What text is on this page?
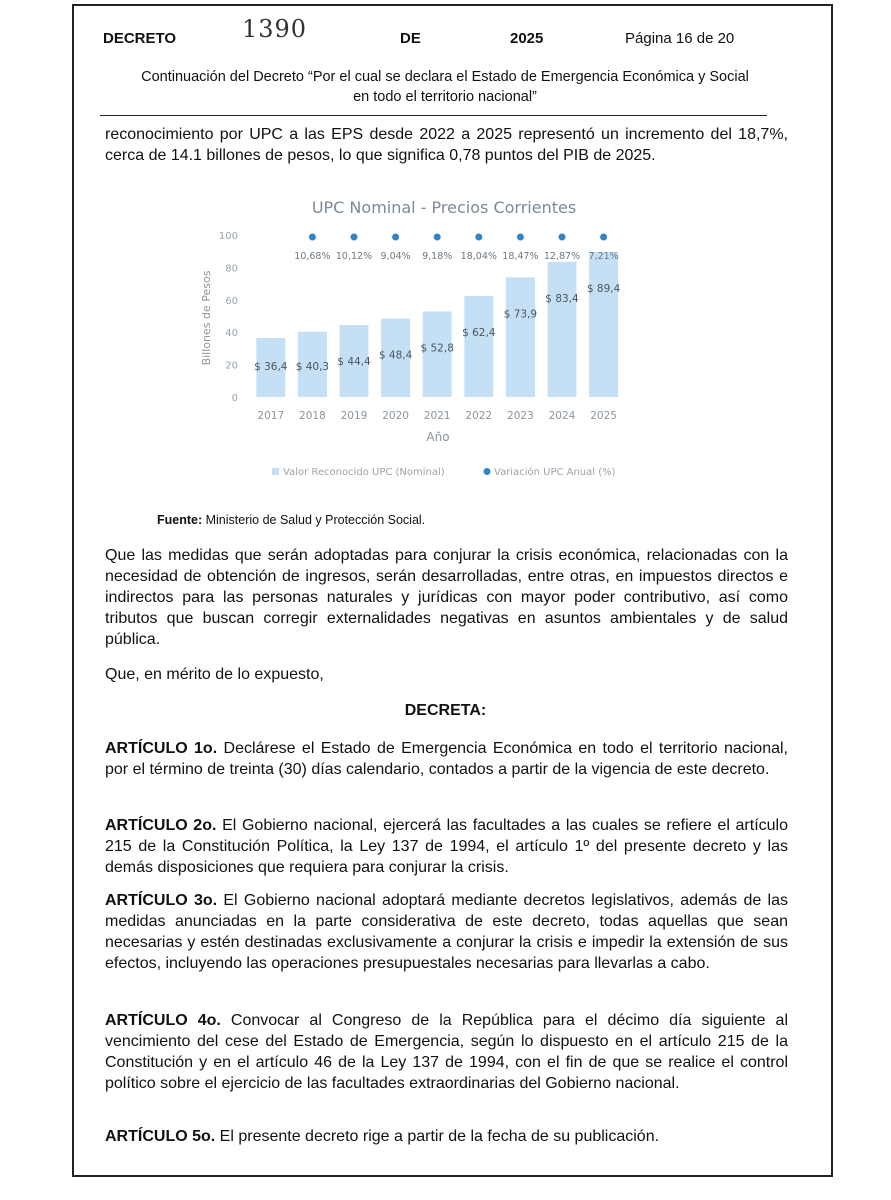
DECRETO	1390	DE	2025	Página 16 de 20
Continuación del Decreto “Por el cual se declara el Estado de Emergencia Económica y Social
en todo el territorio nacional”
reconocimiento por UPC a las EPS desde 2022 a 2025 representó un incremento del 18,7%, cerca de 14.1 billones de pesos, lo que significa 0,78 puntos del PIB de 2025.
UPC Nominal - Precios Corrientes
Billones de Pesos
Año
0
20
40
60
80
100
$ 36,4 $ 40,3 $ 44,4
$ 48,4
$ 52,8
$ 62,4
$ 73,9
$ 83,4
$ 89,4
2017 2018 2019 2020 2021 2022 2023 2024 2025
10,68% 10,12% 9,04% 9,18% 18,04% 18,47% 12,87% 7,21%
Valor Reconocido UPC (Nominal)	Variación UPC Anual (%)
Fuente: Ministerio de Salud y Protección Social.
Que las medidas que serán adoptadas para conjurar la crisis económica, relacionadas con la necesidad de obtención de ingresos, serán desarrolladas, entre otras, en impuestos directos e indirectos para las personas naturales y jurídicas con mayor poder contributivo, así como tributos que buscan corregir externalidades negativas en asuntos ambientales y de salud pública.
Que, en mérito de lo expuesto,
DECRETA:
ARTÍCULO 1o. Declárese el Estado de Emergencia Económica en todo el territorio nacional, por el término de treinta (30) días calendario, contados a partir de la vigencia de este decreto.
ARTÍCULO 2o. El Gobierno nacional, ejercerá las facultades a las cuales se refiere el artículo 215 de la Constitución Política, la Ley 137 de 1994, el artículo 1º del presente decreto y las demás disposiciones que requiera para conjurar la crisis.
ARTÍCULO 3o. El Gobierno nacional adoptará mediante decretos legislativos, además de las medidas anunciadas en la parte considerativa de este decreto, todas aquellas que sean necesarias y estén destinadas exclusivamente a conjurar la crisis e impedir la extensión de sus efectos, incluyendo las operaciones presupuestales necesarias para llevarlas a cabo.
ARTÍCULO 4o. Convocar al Congreso de la República para el décimo día siguiente al vencimiento del cese del Estado de Emergencia, según lo dispuesto en el artículo 215 de la Constitución y en el artículo 46 de la Ley 137 de 1994, con el fin de que se realice el control político sobre el ejercicio de las facultades extraordinarias del Gobierno nacional.
ARTÍCULO 5o. El presente decreto rige a partir de la fecha de su publicación.
